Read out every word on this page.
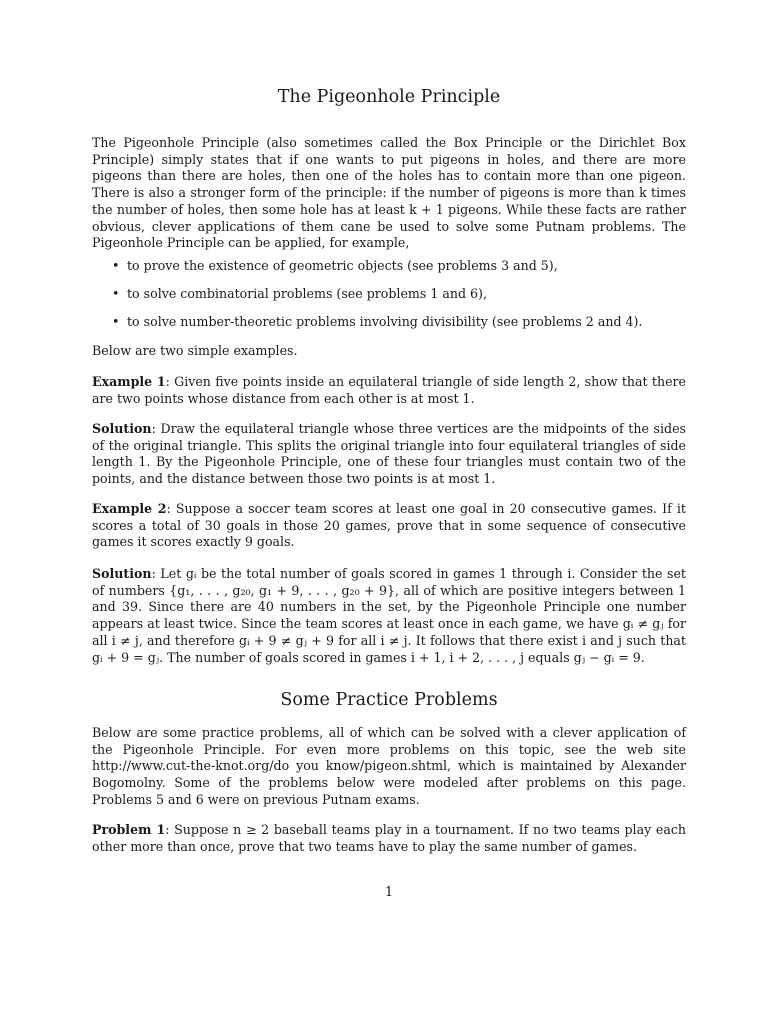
The Pigeonhole Principle

The Pigeonhole Principle (also sometimes called the Box Principle or the Dirichlet Box Principle) simply states that if one wants to put pigeons in holes, and there are more pigeons than there are holes, then one of the holes has to contain more than one pigeon. There is also a stronger form of the principle: if the number of pigeons is more than k times the number of holes, then some hole has at least k + 1 pigeons. While these facts are rather obvious, clever applications of them cane be used to solve some Putnam problems. The Pigeonhole Principle can be applied, for example,

• to prove the existence of geometric objects (see problems 3 and 5),
• to solve combinatorial problems (see problems 1 and 6),
• to solve number-theoretic problems involving divisibility (see problems 2 and 4).

Below are two simple examples.

Example 1: Given five points inside an equilateral triangle of side length 2, show that there are two points whose distance from each other is at most 1.

Solution: Draw the equilateral triangle whose three vertices are the midpoints of the sides of the original triangle. This splits the original triangle into four equilateral triangles of side length 1. By the Pigeonhole Principle, one of these four triangles must contain two of the points, and the distance between those two points is at most 1.

Example 2: Suppose a soccer team scores at least one goal in 20 consecutive games. If it scores a total of 30 goals in those 20 games, prove that in some sequence of consecutive games it scores exactly 9 goals.

Solution: Let gᵢ be the total number of goals scored in games 1 through i. Consider the set of numbers {g₁, . . . , g₂₀, g₁ + 9, . . . , g₂₀ + 9}, all of which are positive integers between 1 and 39. Since there are 40 numbers in the set, by the Pigeonhole Principle one number appears at least twice. Since the team scores at least once in each game, we have gᵢ ≠ gⱼ for all i ≠ j, and therefore gᵢ + 9 ≠ gⱼ + 9 for all i ≠ j. It follows that there exist i and j such that gᵢ + 9 = gⱼ. The number of goals scored in games i + 1, i + 2, . . . , j equals gⱼ − gᵢ = 9.

Some Practice Problems

Below are some practice problems, all of which can be solved with a clever application of the Pigeonhole Principle. For even more problems on this topic, see the web site http://www.cut-the-knot.org/do you know/pigeon.shtml, which is maintained by Alexander Bogomolny. Some of the problems below were modeled after problems on this page. Problems 5 and 6 were on previous Putnam exams.

Problem 1: Suppose n ≥ 2 baseball teams play in a tournament. If no two teams play each other more than once, prove that two teams have to play the same number of games.

1
